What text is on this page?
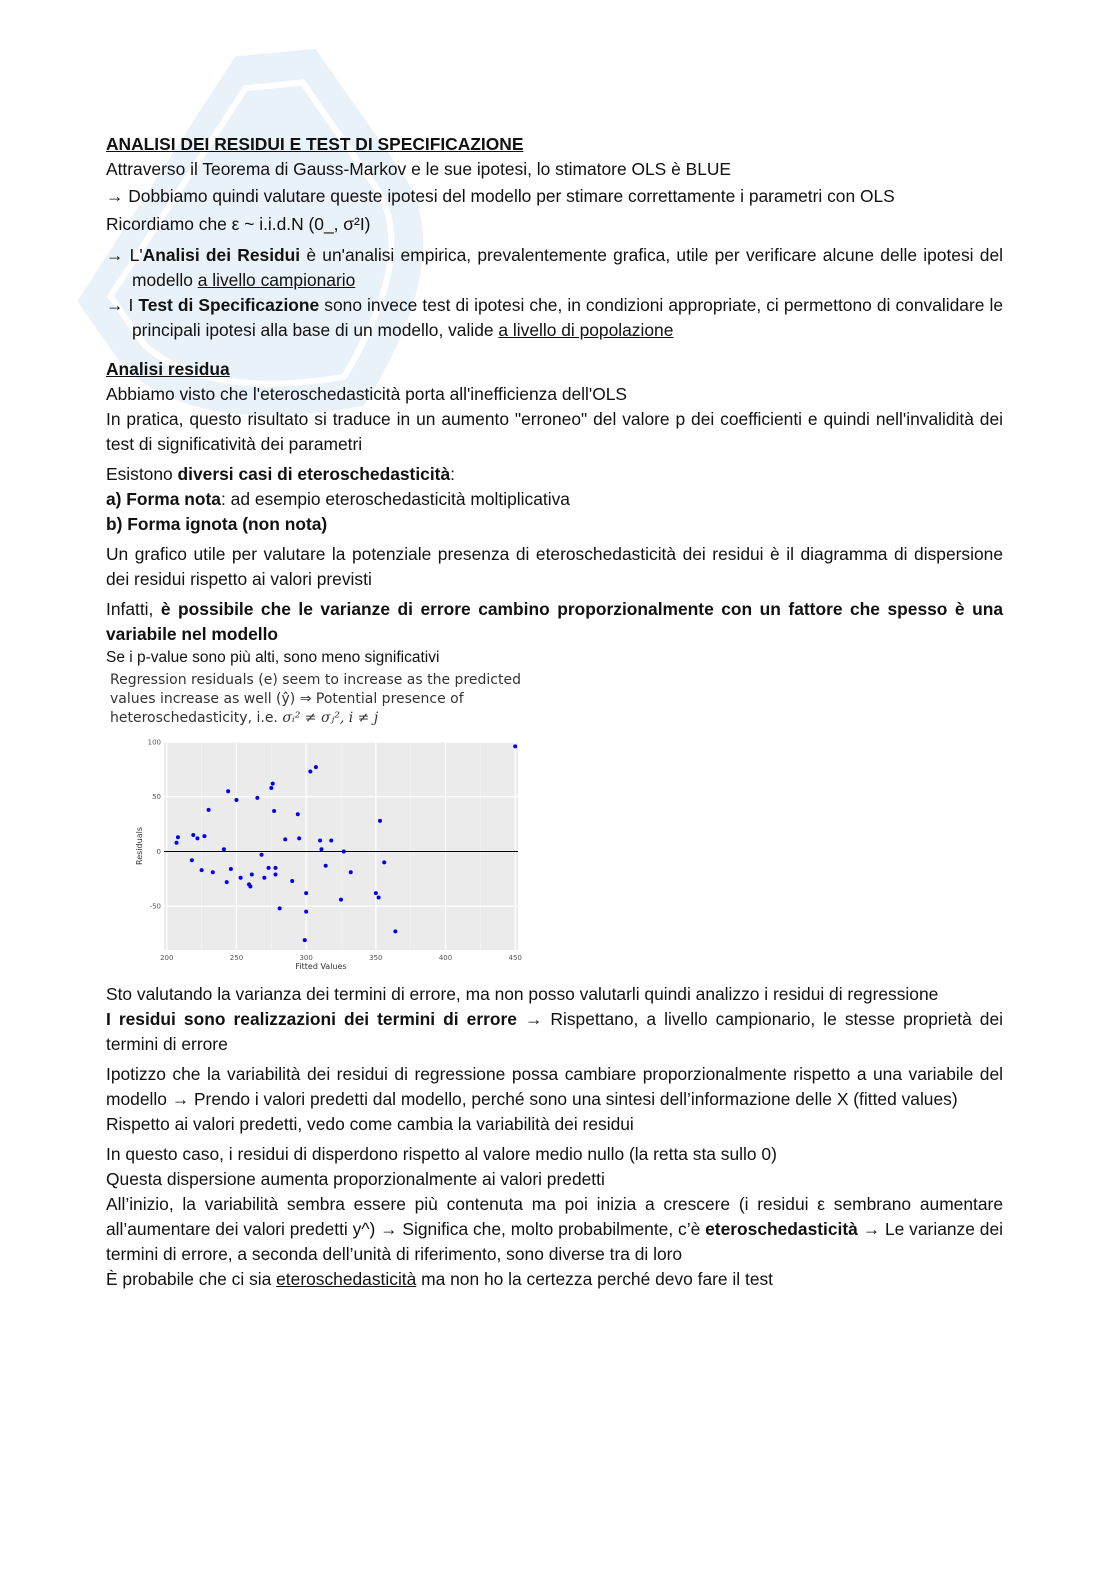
ANALISI DEI RESIDUI E TEST DI SPECIFICAZIONE

Attraverso il Teorema di Gauss-Markov e le sue ipotesi, lo stimatore OLS è BLUE

→ Dobbiamo quindi valutare queste ipotesi del modello per stimare correttamente i parametri con OLS

Ricordiamo che ε ~ i.i.d.N (0_, σ²I)

→ L'Analisi dei Residui è un'analisi empirica, prevalentemente grafica, utile per verificare alcune delle ipotesi del modello a livello campionario

→ I Test di Specificazione sono invece test di ipotesi che, in condizioni appropriate, ci permettono di convalidare le principali ipotesi alla base di un modello, valide a livello di popolazione

Analisi residua

Abbiamo visto che l'eteroschedasticità porta all'inefficienza dell'OLS

In pratica, questo risultato si traduce in un aumento "erroneo" del valore p dei coefficienti e quindi nell'invalidità dei test di significatività dei parametri

Esistono diversi casi di eteroschedasticità:

a) Forma nota: ad esempio eteroschedasticità moltiplicativa

b) Forma ignota (non nota)

Un grafico utile per valutare la potenziale presenza di eteroschedasticità dei residui è il diagramma di dispersione dei residui rispetto ai valori previsti

Infatti, è possibile che le varianze di errore cambino proporzionalmente con un fattore che spesso è una variabile nel modello

Se i p-value sono più alti, sono meno significativi

Regression residuals (e) seem to increase as the predicted
values increase as well (ŷ) ⇒ Potential presence of
heteroschedasticity, i.e. σᵢ² ≠ σⱼ², i ≠ j
200	250	300	350	400	450
-50
0
50
100
Fitted Values
Residuals

Sto valutando la varianza dei termini di errore, ma non posso valutarli quindi analizzo i residui di regressione

I residui sono realizzazioni dei termini di errore → Rispettano, a livello campionario, le stesse proprietà dei termini di errore

Ipotizzo che la variabilità dei residui di regressione possa cambiare proporzionalmente rispetto a una variabile del modello → Prendo i valori predetti dal modello, perché sono una sintesi dell’informazione delle X (fitted values)

Rispetto ai valori predetti, vedo come cambia la variabilità dei residui

In questo caso, i residui di disperdono rispetto al valore medio nullo (la retta sta sullo 0)

Questa dispersione aumenta proporzionalmente ai valori predetti

All’inizio, la variabilità sembra essere più contenuta ma poi inizia a crescere (i residui ε sembrano aumentare all’aumentare dei valori predetti y^) → Significa che, molto probabilmente, c’è eteroschedasticità → Le varianze dei termini di errore, a seconda dell’unità di riferimento, sono diverse tra di loro

È probabile che ci sia eteroschedasticità ma non ho la certezza perché devo fare il test
